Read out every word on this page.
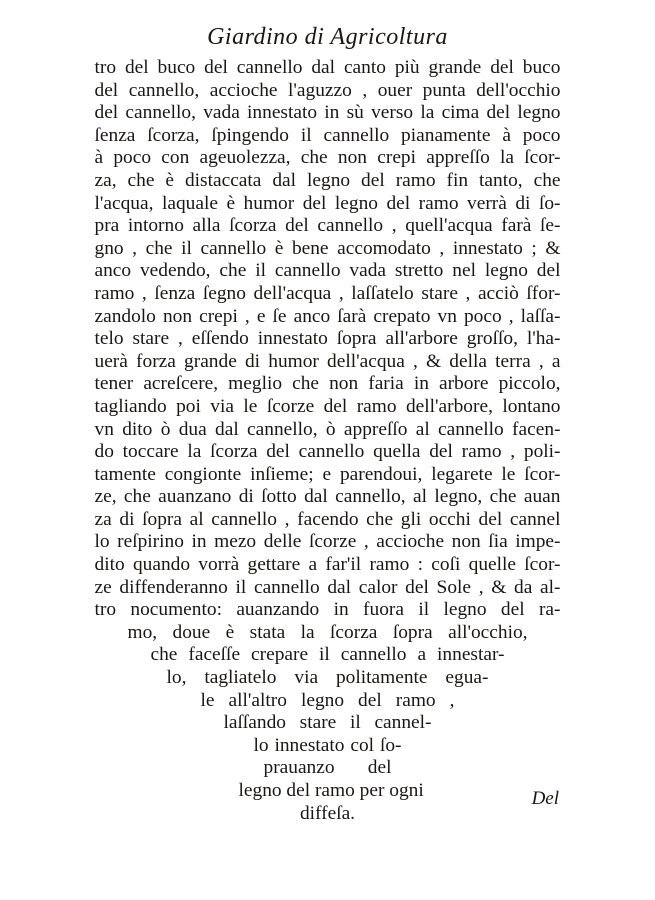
Giardino di Agricoltura
tro del buco del cannello dal canto più grande del buco
del cannello, accioche l'aguzzo , ouer punta dell'occhio
del cannello, vada innestato in sù verso la cima del legno
ſenza ſcorza, ſpingendo il cannello pianamente à poco
à poco con ageuolezza, che non crepi appreſſo la ſcor-
za, che è distaccata dal legno del ramo fin tanto, che
l'acqua, laquale è humor del legno del ramo verrà di ſo-
pra intorno alla ſcorza del cannello , quell'acqua farà ſe-
gno , che il cannello è bene accomodato , innestato ; &
anco vedendo, che il cannello vada stretto nel legno del
ramo , ſenza ſegno dell'acqua , laſſatelo stare , acciò ſfor-
zandolo non crepi , e ſe anco ſarà crepato vn poco , laſſa-
telo stare , eſſendo innestato ſopra all'arbore groſſo, l'ha-
uerà forza grande di humor dell'acqua , & della terra , a
tener acreſcere, meglio che non faria in arbore piccolo,
tagliando poi via le ſcorze del ramo dell'arbore, lontano
vn dito ò dua dal cannello, ò appreſſo al cannello facen-
do toccare la ſcorza del cannello quella del ramo , poli-
tamente congionte inſieme; e parendoui, legarete le ſcor-
ze, che auanzano di ſotto dal cannello, al legno, che auan
za di ſopra al cannello , facendo che gli occhi del cannel
lo reſpirino in mezo delle ſcorze , accioche non ſia impe-
dito quando vorrà gettare a far'il ramo : coſi quelle ſcor-
ze diffenderanno il cannello dal calor del Sole , & da al-
tro nocumento: auanzando in fuora il legno del ra-
mo, doue è stata la ſcorza ſopra all'occhio,
che faceſſe crepare il cannello a innestar-
lo, tagliatelo via politamente egua-
le all'altro legno del ramo ,
laſſando stare il cannel-
lo innestato col ſo-
prauanzo del
legno del ramo per ogni
diffeſa.
Del
